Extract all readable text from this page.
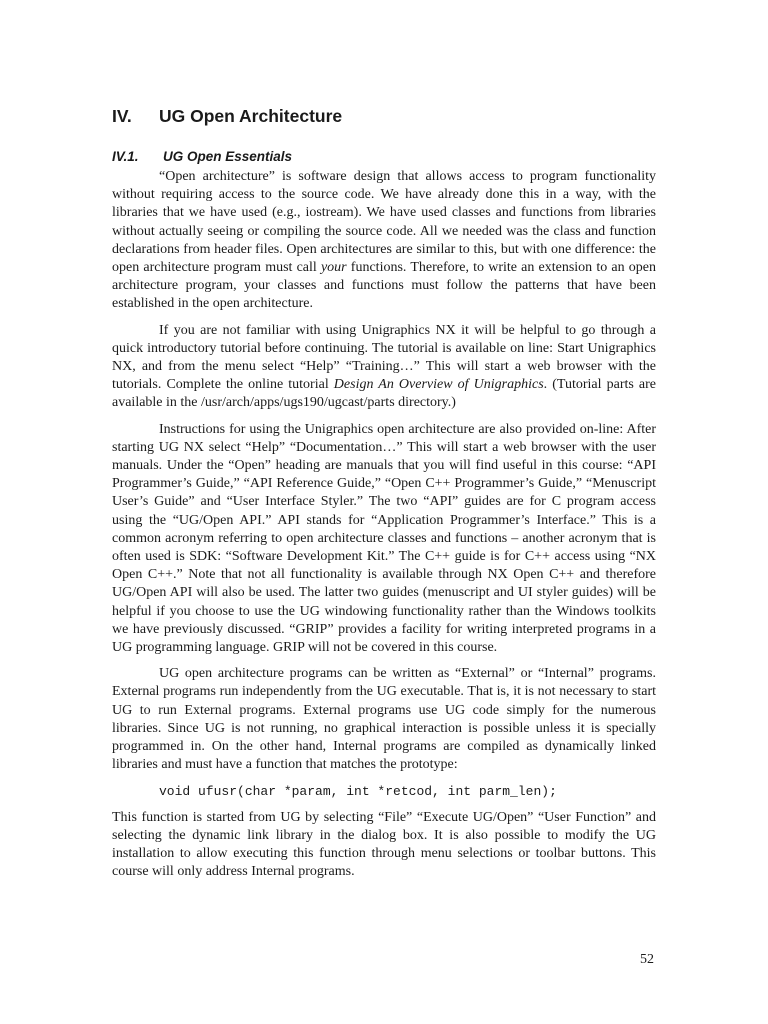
IV. UG Open Architecture
IV.1. UG Open Essentials

“Open architecture” is software design that allows access to program functionality without requiring access to the source code. We have already done this in a way, with the libraries that we have used (e.g., iostream). We have used classes and functions from libraries without actually seeing or compiling the source code. All we needed was the class and function declarations from header files. Open architectures are similar to this, but with one difference: the open architecture program must call your functions. Therefore, to write an extension to an open architecture program, your classes and functions must follow the patterns that have been established in the open architecture.

If you are not familiar with using Unigraphics NX it will be helpful to go through a quick introductory tutorial before continuing. The tutorial is available on line: Start Unigraphics NX, and from the menu select “Help” “Training…” This will start a web browser with the tutorials. Complete the online tutorial Design An Overview of Unigraphics. (Tutorial parts are available in the /usr/arch/apps/ugs190/ugcast/parts directory.)

Instructions for using the Unigraphics open architecture are also provided on-line: After starting UG NX select “Help” “Documentation…” This will start a web browser with the user manuals. Under the “Open” heading are manuals that you will find useful in this course: “API Programmer’s Guide,” “API Reference Guide,” “Open C++ Programmer’s Guide,” “Menuscript User’s Guide” and “User Interface Styler.” The two “API” guides are for C program access using the “UG/Open API.” API stands for “Application Programmer’s Interface.” This is a common acronym referring to open architecture classes and functions – another acronym that is often used is SDK: “Software Development Kit.” The C++ guide is for C++ access using “NX Open C++.” Note that not all functionality is available through NX Open C++ and therefore UG/Open API will also be used. The latter two guides (menuscript and UI styler guides) will be helpful if you choose to use the UG windowing functionality rather than the Windows toolkits we have previously discussed. “GRIP” provides a facility for writing interpreted programs in a UG programming language. GRIP will not be covered in this course.

UG open architecture programs can be written as “External” or “Internal” programs. External programs run independently from the UG executable. That is, it is not necessary to start UG to run External programs. External programs use UG code simply for the numerous libraries. Since UG is not running, no graphical interaction is possible unless it is specially programmed in. On the other hand, Internal programs are compiled as dynamically linked libraries and must have a function that matches the prototype:

void ufusr(char *param, int *retcod, int parm_len);

This function is started from UG by selecting “File” “Execute UG/Open” “User Function” and selecting the dynamic link library in the dialog box. It is also possible to modify the UG installation to allow executing this function through menu selections or toolbar buttons. This course will only address Internal programs.

52
